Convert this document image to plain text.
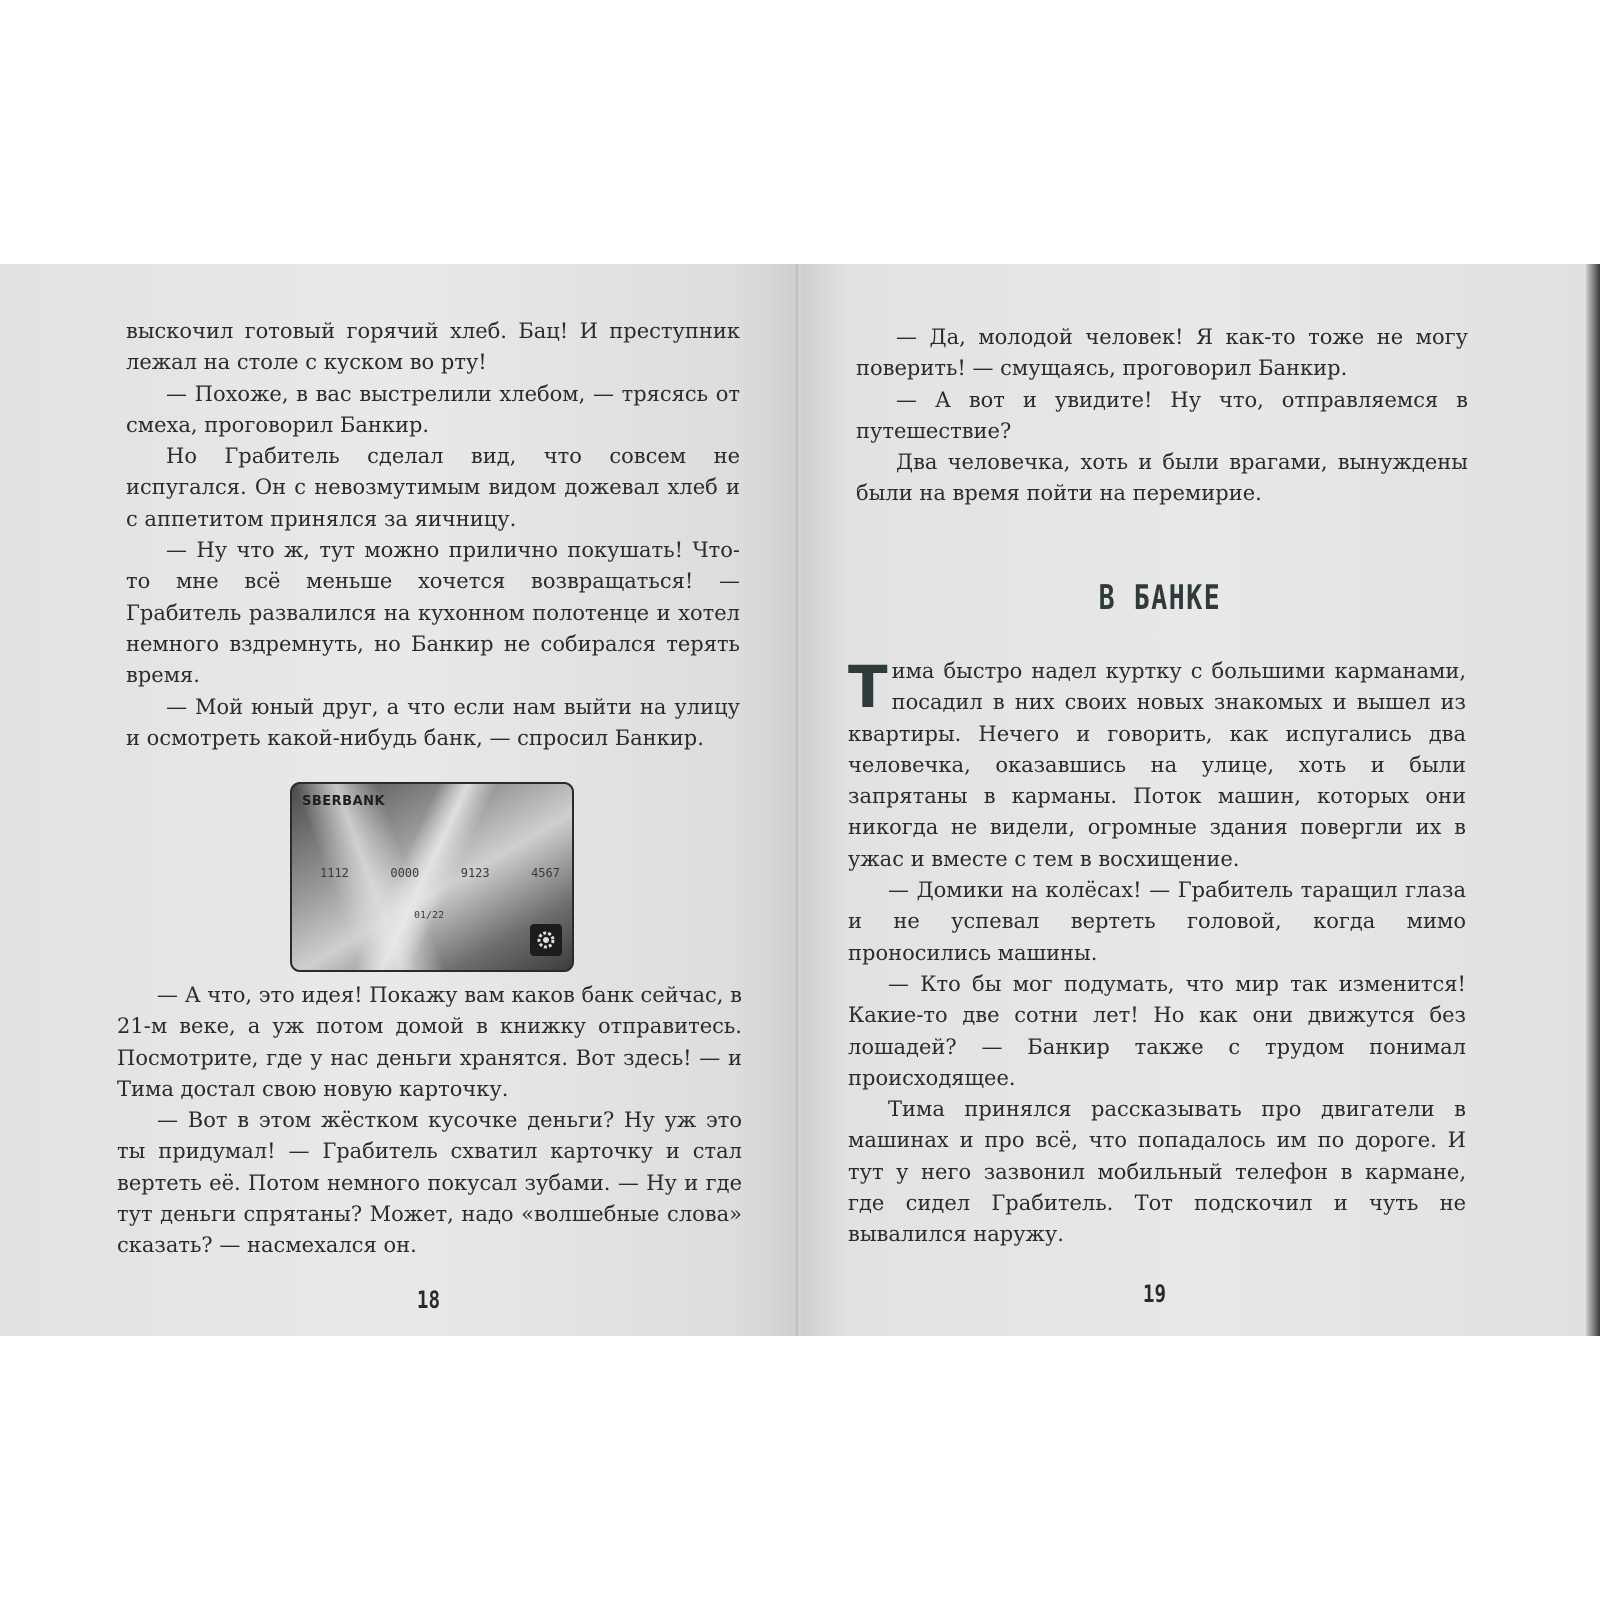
выскочил готовый горячий хлеб. Бац! И преступник лежал на столе с куском во рту!

— Похоже, в вас выстрелили хлебом, — трясясь от смеха, проговорил Банкир.

Но Грабитель сделал вид, что совсем не испугался. Он с невозмутимым видом дожевал хлеб и с аппетитом принялся за яичницу.

— Ну что ж, тут можно прилично покушать! Что-то мне всё меньше хочется возвращаться! — Грабитель развалился на кухонном полотенце и хотел немного вздремнуть, но Банкир не собирался терять время.

— Мой юный друг, а что если нам выйти на улицу и осмотреть какой-нибудь банк, — спросил Банкир.

SBERBANK
1112	0000	9123	4567
01/22

— А что, это идея! Покажу вам каков банк сейчас, в 21-м веке, а уж потом домой в книжку отправитесь. Посмотрите, где у нас деньги хранятся. Вот здесь! — и Тима достал свою новую карточку.

— Вот в этом жёстком кусочке деньги? Ну уж это ты придумал! — Грабитель схватил карточку и стал вертеть её. Потом немного покусал зубами. — Ну и где тут деньги спрятаны? Может, надо «волшебные слова» сказать? — насмехался он.

18

— Да, молодой человек! Я как-то тоже не могу поверить! — смущаясь, проговорил Банкир.

— А вот и увидите! Ну что, отправляемся в путешествие?

Два человечка, хоть и были врагами, вынуждены были на время пойти на перемирие.

В БАНКЕ

Тима быстро надел куртку с большими карманами, посадил в них своих новых знакомых и вышел из квартиры. Нечего и говорить, как испугались два человечка, оказавшись на улице, хоть и были запрятаны в карманы. Поток машин, которых они никогда не видели, огромные здания повергли их в ужас и вместе с тем в восхищение.

— Домики на колёсах! — Грабитель таращил глаза и не успевал вертеть головой, когда мимо проносились машины.

— Кто бы мог подумать, что мир так изменится! Какие-то две сотни лет! Но как они движутся без лошадей? — Банкир также с трудом понимал происходящее.

Тима принялся рассказывать про двигатели в машинах и про всё, что попадалось им по дороге. И тут у него зазвонил мобильный телефон в кармане, где сидел Грабитель. Тот подскочил и чуть не вывалился наружу.

19
